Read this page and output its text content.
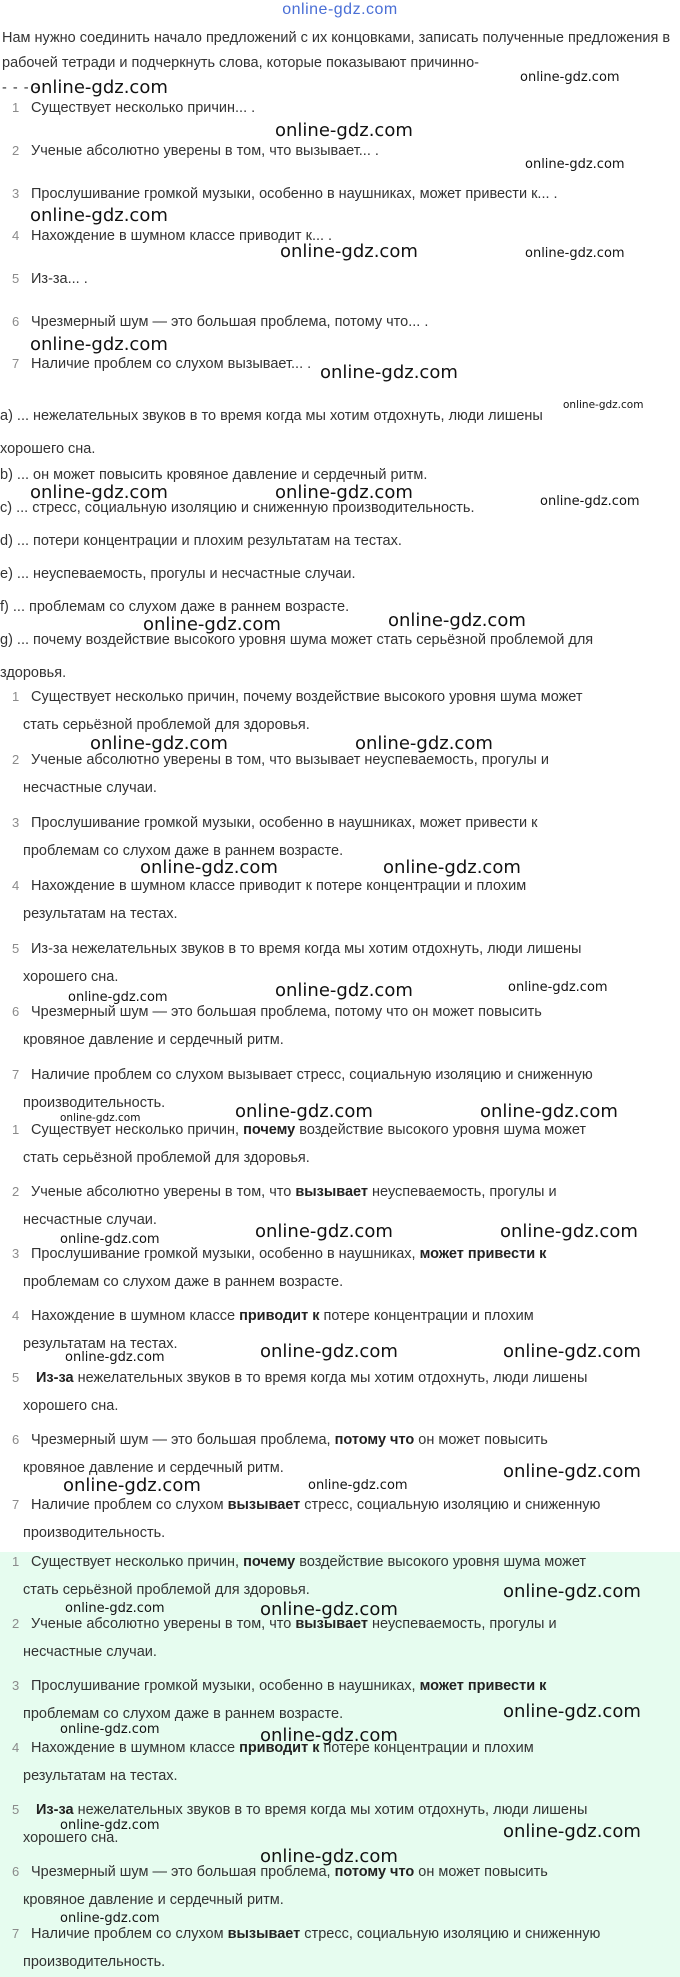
online-gdz.com
Нам нужно соединить начало предложений с их концовками, записать полученные предложения в рабочей тетради и подчеркнуть слова, которые показывают причинно-
- - - -
1 Существует несколько причин... .
2 Ученые абсолютно уверены в том, что вызывает... .
3 Прослушивание громкой музыки, особенно в наушниках, может привести к... .
4 Нахождение в шумном классе приводит к... .
5 Из-за... .
6 Чрезмерный шум — это большая проблема, потому что... .
7 Наличие проблем со слухом вызывает... .
a) ... нежелательных звуков в то время когда мы хотим отдохнуть, люди лишены
хорошего сна.
b) ... он может повысить кровяное давление и сердечный ритм.
c) ... стресс, социальную изоляцию и сниженную производительность.
d) ... потери концентрации и плохим результатам на тестах.
e) ... неуспеваемость, прогулы и несчастные случаи.
f) ... проблемам со слухом даже в раннем возрасте.
g) ... почему воздействие высокого уровня шума может стать серьёзной проблемой для
здоровья.
1 Существует несколько причин, почему воздействие высокого уровня шума может
стать серьёзной проблемой для здоровья.
2 Ученые абсолютно уверены в том, что вызывает неуспеваемость, прогулы и
несчастные случаи.
3 Прослушивание громкой музыки, особенно в наушниках, может привести к
проблемам со слухом даже в раннем возрасте.
4 Нахождение в шумном классе приводит к потере концентрации и плохим
результатам на тестах.
5 Из-за нежелательных звуков в то время когда мы хотим отдохнуть, люди лишены
хорошего сна.
6 Чрезмерный шум — это большая проблема, потому что он может повысить
кровяное давление и сердечный ритм.
7 Наличие проблем со слухом вызывает стресс, социальную изоляцию и сниженную
производительность.
1 Существует несколько причин, почему воздействие высокого уровня шума может
стать серьёзной проблемой для здоровья.
2 Ученые абсолютно уверены в том, что вызывает неуспеваемость, прогулы и
несчастные случаи.
3 Прослушивание громкой музыки, особенно в наушниках, может привести к
проблемам со слухом даже в раннем возрасте.
4 Нахождение в шумном классе приводит к потере концентрации и плохим
результатам на тестах.
5 Из-за нежелательных звуков в то время когда мы хотим отдохнуть, люди лишены
хорошего сна.
6 Чрезмерный шум — это большая проблема, потому что он может повысить
кровяное давление и сердечный ритм.
7 Наличие проблем со слухом вызывает стресс, социальную изоляцию и сниженную
производительность.
1 Существует несколько причин, почему воздействие высокого уровня шума может
стать серьёзной проблемой для здоровья.
2 Ученые абсолютно уверены в том, что вызывает неуспеваемость, прогулы и
несчастные случаи.
3 Прослушивание громкой музыки, особенно в наушниках, может привести к
проблемам со слухом даже в раннем возрасте.
4 Нахождение в шумном классе приводит к потере концентрации и плохим
результатам на тестах.
5 Из-за нежелательных звуков в то время когда мы хотим отдохнуть, люди лишены
хорошего сна.
6 Чрезмерный шум — это большая проблема, потому что он может повысить
кровяное давление и сердечный ритм.
7 Наличие проблем со слухом вызывает стресс, социальную изоляцию и сниженную
производительность.
online-gdz.com	online-gdz.com
online-gdz.com
online-gdz.com
online-gdz.com
online-gdz.com	online-gdz.com
online-gdz.com
online-gdz.com
online-gdz.com
online-gdz.com	online-gdz.com	online-gdz.com
online-gdz.com	online-gdz.com
online-gdz.com	online-gdz.com
online-gdz.com	online-gdz.com
online-gdz.com	online-gdz.com	online-gdz.com
online-gdz.com	online-gdz.com	online-gdz.com
online-gdz.com	online-gdz.com	online-gdz.com
online-gdz.com	online-gdz.com	online-gdz.com
online-gdz.com	online-gdz.com
online-gdz.com
online-gdz.com	online-gdz.com
online-gdz.com
online-gdz.com	online-gdz.com
online-gdz.com
online-gdz.com	online-gdz.com
online-gdz.com
online-gdz.com
